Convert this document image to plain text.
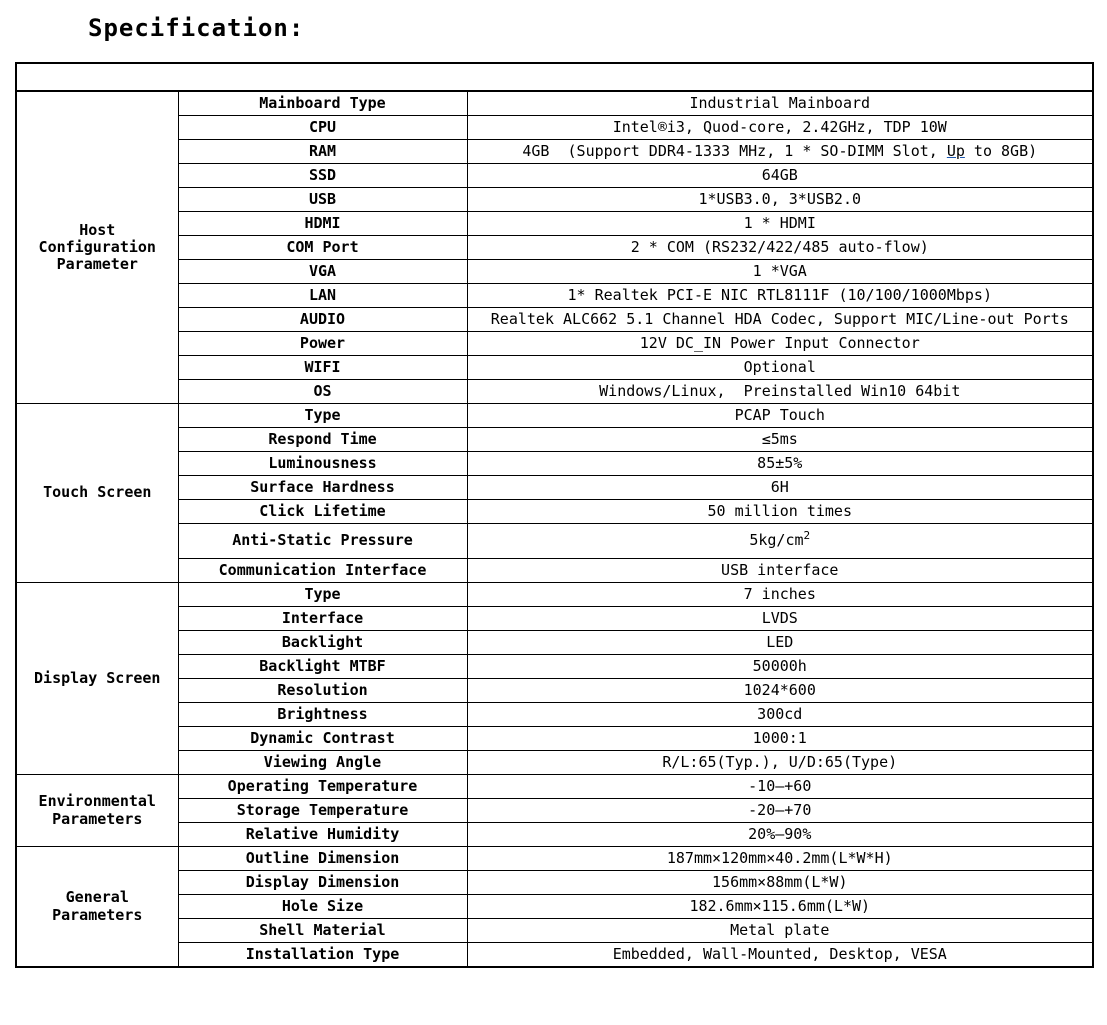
Specification:

Host Configuration Parameter	Mainboard Type	Industrial Mainboard
	CPU	Intel®i3, Quod-core, 2.42GHz, TDP 10W
	RAM	4GB  (Support DDR4-1333 MHz, 1 * SO-DIMM Slot, Up to 8GB)
	SSD	64GB
	USB	1*USB3.0, 3*USB2.0
	HDMI	1 * HDMI
	COM Port	2 * COM (RS232/422/485 auto-flow)
	VGA	1 *VGA
	LAN	1* Realtek PCI-E NIC RTL8111F (10/100/1000Mbps)
	AUDIO	Realtek ALC662 5.1 Channel HDA Codec, Support MIC/Line-out Ports
	Power	12V DC_IN Power Input Connector
	WIFI	Optional
	OS	Windows/Linux,  Preinstalled Win10 64bit
Touch Screen	Type	PCAP Touch
	Respond Time	≤5ms
	Luminousness	85±5%
	Surface Hardness	6H
	Click Lifetime	50 million times
	Anti-Static Pressure	$5kg/cm^2$
	Communication Interface	USB interface
Display Screen	Type	7 inches
	Interface	LVDS
	Backlight	LED
	Backlight MTBF	50000h
	Resolution	1024*600
	Brightness	300cd
	Dynamic Contrast	1000:1
	Viewing Angle	R/L:65(Typ.), U/D:65(Type)
Environmental Parameters	Operating Temperature	-10—+60
	Storage Temperature	-20—+70
	Relative Humidity	20%—90%
General Parameters	Outline Dimension	187mm×120mm×40.2mm(L*W*H)
	Display Dimension	156mm×88mm(L*W)
	Hole Size	182.6mm×115.6mm(L*W)
	Shell Material	Metal plate
	Installation Type	Embedded, Wall-Mounted, Desktop, VESA
